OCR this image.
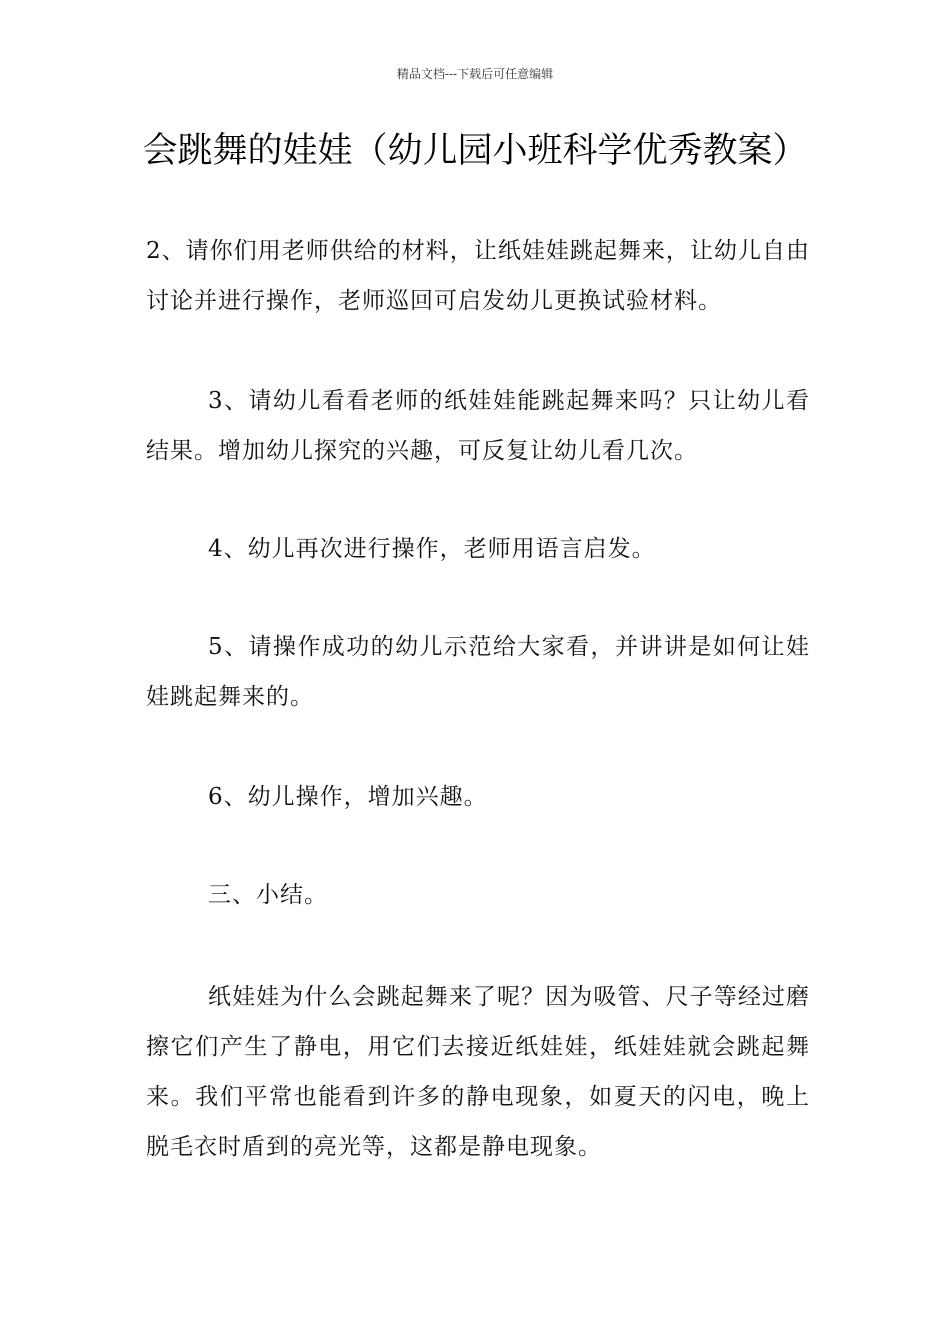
精品文档---下载后可任意编辑
会跳舞的娃娃（幼儿园小班科学优秀教案）

2、请你们用老师供给的材料，让纸娃娃跳起舞来，让幼儿自由讨论并进行操作，老师巡回可启发幼儿更换试验材料。

3、请幼儿看看老师的纸娃娃能跳起舞来吗？只让幼儿看结果。增加幼儿探究的兴趣，可反复让幼儿看几次。

4、幼儿再次进行操作，老师用语言启发。

5、请操作成功的幼儿示范给大家看，并讲讲是如何让娃娃跳起舞来的。

6、幼儿操作，增加兴趣。

三、小结。

纸娃娃为什么会跳起舞来了呢？因为吸管、尺子等经过磨擦它们产生了静电，用它们去接近纸娃娃，纸娃娃就会跳起舞来。我们平常也能看到许多的静电现象，如夏天的闪电，晚上脱毛衣时盾到的亮光等，这都是静电现象。
